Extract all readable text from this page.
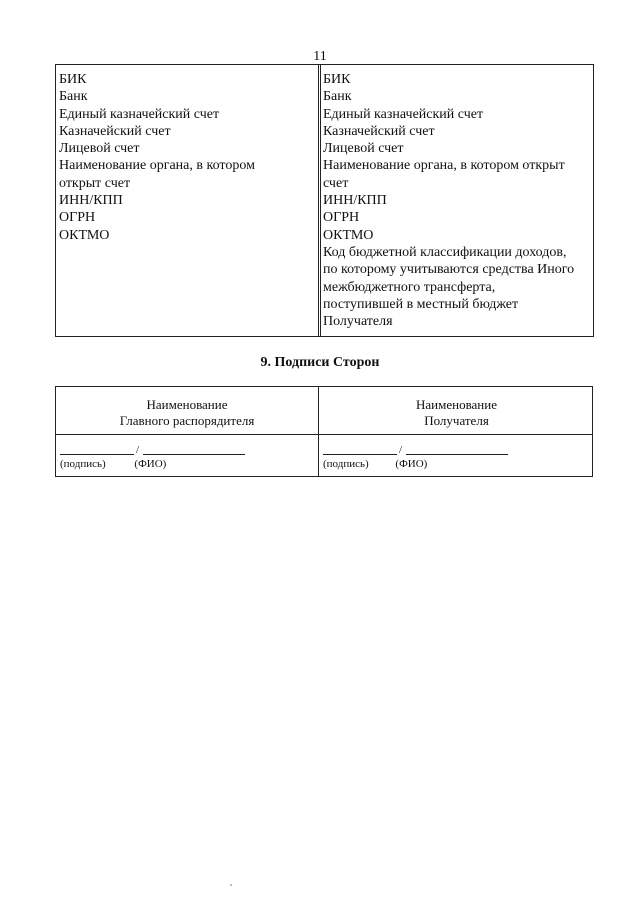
11
БИК
Банк
Единый казначейский счет
Казначейский счет
Лицевой счет
Наименование органа, в котором
открыт счет
ИНН/КПП
ОГРН
ОКТМО
БИК
Банк
Единый казначейский счет
Казначейский счет
Лицевой счет
Наименование органа, в котором открыт
счет
ИНН/КПП
ОГРН
ОКТМО
Код бюджетной классификации доходов,
по которому учитываются средства Иного
межбюджетного трансферта,
поступившей в местный бюджет
Получателя
9. Подписи Сторон
Наименование
Главного распорядителя
Наименование
Получателя
/
(подпись)	(ФИО)
/
(подпись) (ФИО)
